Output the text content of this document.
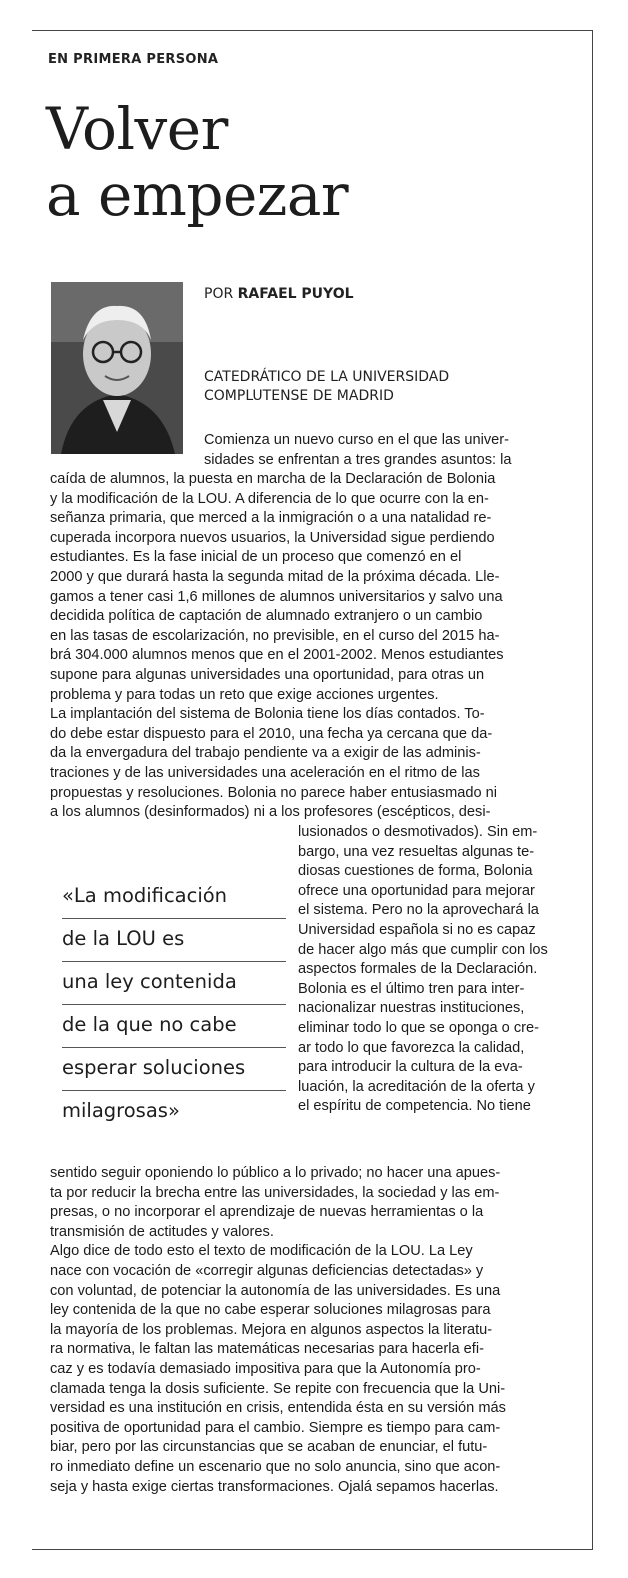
EN PRIMERA PERSONA
Volver
a empezar
POR RAFAEL PUYOL
CATEDRÁTICO DE LA UNIVERSIDAD
COMPLUTENSE DE MADRID
Comienza un nuevo curso en el que las univer-
sidades se enfrentan a tres grandes asuntos: la
caída de alumnos, la puesta en marcha de la Declaración de Bolonia
y la modificación de la LOU. A diferencia de lo que ocurre con la en-
señanza primaria, que merced a la inmigración o a una natalidad re-
cuperada incorpora nuevos usuarios, la Universidad sigue perdiendo
estudiantes. Es la fase inicial de un proceso que comenzó en el
2000 y que durará hasta la segunda mitad de la próxima década. Lle-
gamos a tener casi 1,6 millones de alumnos universitarios y salvo una
decidida política de captación de alumnado extranjero o un cambio
en las tasas de escolarización, no previsible, en el curso del 2015 ha-
brá 304.000 alumnos menos que en el 2001-2002. Menos estudiantes
supone para algunas universidades una oportunidad, para otras un
problema y para todas un reto que exige acciones urgentes.
La implantación del sistema de Bolonia tiene los días contados. To-
do debe estar dispuesto para el 2010, una fecha ya cercana que da-
da la envergadura del trabajo pendiente va a exigir de las adminis-
traciones y de las universidades una aceleración en el ritmo de las
propuestas y resoluciones. Bolonia no parece haber entusiasmado ni
a los alumnos (desinformados) ni a los profesores (escépticos, desi-
lusionados o desmotivados). Sin em-
bargo, una vez resueltas algunas te-
diosas cuestiones de forma, Bolonia
ofrece una oportunidad para mejorar
el sistema. Pero no la aprovechará la
Universidad española si no es capaz
de hacer algo más que cumplir con los
aspectos formales de la Declaración.
Bolonia es el último tren para inter-
nacionalizar nuestras instituciones,
eliminar todo lo que se oponga o cre-
ar todo lo que favorezca la calidad,
para introducir la cultura de la eva-
luación, la acreditación de la oferta y
el espíritu de competencia. No tiene
«La modificación
de la LOU es
una ley contenida
de la que no cabe
esperar soluciones
milagrosas»
sentido seguir oponiendo lo público a lo privado; no hacer una apues-
ta por reducir la brecha entre las universidades, la sociedad y las em-
presas, o no incorporar el aprendizaje de nuevas herramientas o la
transmisión de actitudes y valores.
Algo dice de todo esto el texto de modificación de la LOU. La Ley
nace con vocación de «corregir algunas deficiencias detectadas» y
con voluntad, de potenciar la autonomía de las universidades. Es una
ley contenida de la que no cabe esperar soluciones milagrosas para
la mayoría de los problemas. Mejora en algunos aspectos la literatu-
ra normativa, le faltan las matemáticas necesarias para hacerla efi-
caz y es todavía demasiado impositiva para que la Autonomía pro-
clamada tenga la dosis suficiente. Se repite con frecuencia que la Uni-
versidad es una institución en crisis, entendida ésta en su versión más
positiva de oportunidad para el cambio. Siempre es tiempo para cam-
biar, pero por las circunstancias que se acaban de enunciar, el futu-
ro inmediato define un escenario que no solo anuncia, sino que acon-
seja y hasta exige ciertas transformaciones. Ojalá sepamos hacerlas.
